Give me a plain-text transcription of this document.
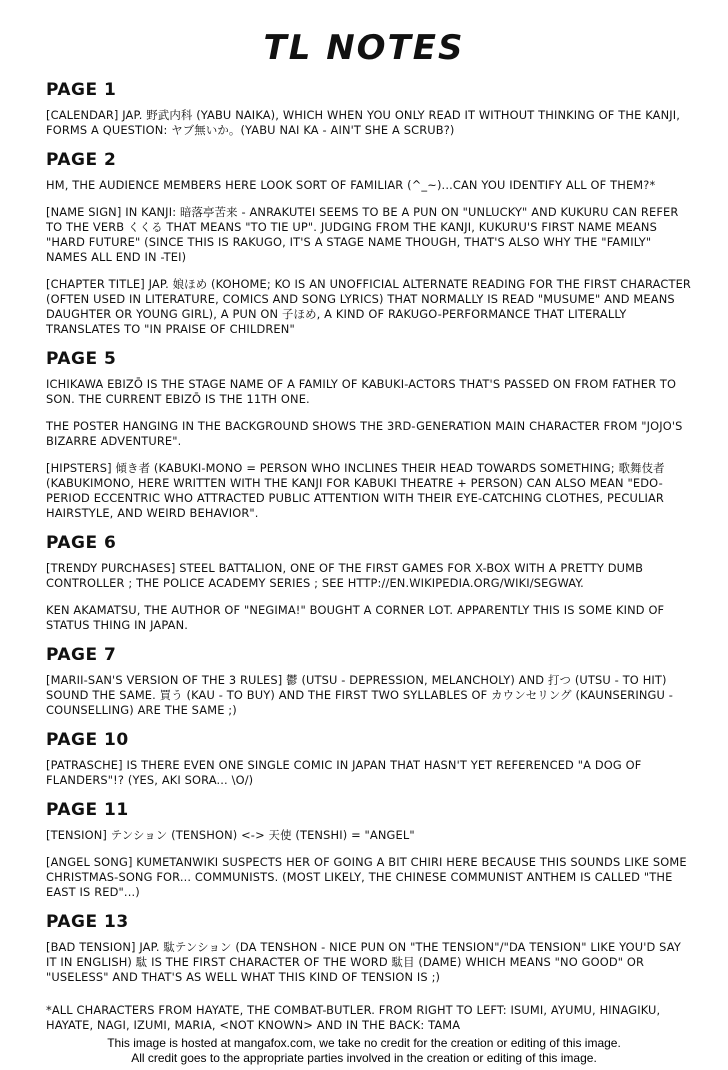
TL NOTES
PAGE 1
[CALENDAR] JAP. 野武内科 (YABU NAIKA), WHICH WHEN YOU ONLY READ IT WITHOUT THINKING OF THE KANJI, FORMS A QUESTION: ヤブ無いか。(YABU NAI KA - AIN'T SHE A SCRUB?)
PAGE 2
HM, THE AUDIENCE MEMBERS HERE LOOK SORT OF FAMILIAR (^_~)...CAN YOU IDENTIFY ALL OF THEM?*
[NAME SIGN] IN KANJI: 暗落亭苦来 - ANRAKUTEI SEEMS TO BE A PUN ON "UNLUCKY" AND KUKURU CAN REFER TO THE VERB くくる THAT MEANS "TO TIE UP". JUDGING FROM THE KANJI, KUKURU'S FIRST NAME MEANS "HARD FUTURE" (SINCE THIS IS RAKUGO, IT'S A STAGE NAME THOUGH, THAT'S ALSO WHY THE "FAMILY" NAMES ALL END IN -TEI)
[CHAPTER TITLE] JAP. 娘ほめ (KOHOME; KO IS AN UNOFFICIAL ALTERNATE READING FOR THE FIRST CHARACTER (OFTEN USED IN LITERATURE, COMICS AND SONG LYRICS) THAT NORMALLY IS READ "MUSUME" AND MEANS DAUGHTER OR YOUNG GIRL), A PUN ON 子ほめ, A KIND OF RAKUGO-PERFORMANCE THAT LITERALLY TRANSLATES TO "IN PRAISE OF CHILDREN"
PAGE 5
ICHIKAWA EBIZŌ IS THE STAGE NAME OF A FAMILY OF KABUKI-ACTORS THAT'S PASSED ON FROM FATHER TO SON. THE CURRENT EBIZŌ IS THE 11TH ONE.
THE POSTER HANGING IN THE BACKGROUND SHOWS THE 3RD-GENERATION MAIN CHARACTER FROM "JOJO'S BIZARRE ADVENTURE".
[HIPSTERS] 傾き者 (KABUKI-MONO = PERSON WHO INCLINES THEIR HEAD TOWARDS SOMETHING; 歌舞伎者 (KABUKIMONO, HERE WRITTEN WITH THE KANJI FOR KABUKI THEATRE + PERSON) CAN ALSO MEAN "EDO-PERIOD ECCENTRIC WHO ATTRACTED PUBLIC ATTENTION WITH THEIR EYE-CATCHING CLOTHES, PECULIAR HAIRSTYLE, AND WEIRD BEHAVIOR".
PAGE 6
[TRENDY PURCHASES] STEEL BATTALION, ONE OF THE FIRST GAMES FOR X-BOX WITH A PRETTY DUMB CONTROLLER ; THE POLICE ACADEMY SERIES ; SEE HTTP://EN.WIKIPEDIA.ORG/WIKI/SEGWAY.
KEN AKAMATSU, THE AUTHOR OF "NEGIMA!" BOUGHT A CORNER LOT. APPARENTLY THIS IS SOME KIND OF STATUS THING IN JAPAN.
PAGE 7
[MARII-SAN'S VERSION OF THE 3 RULES] 鬱 (UTSU - DEPRESSION, MELANCHOLY) AND 打つ (UTSU - TO HIT) SOUND THE SAME. 買う (KAU - TO BUY) AND THE FIRST TWO SYLLABLES OF カウンセリング (KAUNSERINGU - COUNSELLING) ARE THE SAME ;)
PAGE 10
[PATRASCHE] IS THERE EVEN ONE SINGLE COMIC IN JAPAN THAT HASN'T YET REFERENCED "A DOG OF FLANDERS"!? (YES, AKI SORA... \O/)
PAGE 11
[TENSION] テンション (TENSHON) <-> 天使 (TENSHI) = "ANGEL"
[ANGEL SONG] KUMETANWIKI SUSPECTS HER OF GOING A BIT CHIRI HERE BECAUSE THIS SOUNDS LIKE SOME CHRISTMAS-SONG FOR... COMMUNISTS. (MOST LIKELY, THE CHINESE COMMUNIST ANTHEM IS CALLED "THE EAST IS RED"...)
PAGE 13
[BAD TENSION] JAP. 駄テンション (DA TENSHON - NICE PUN ON "THE TENSION"/"DA TENSION" LIKE YOU'D SAY IT IN ENGLISH) 駄 IS THE FIRST CHARACTER OF THE WORD 駄目 (DAME) WHICH MEANS "NO GOOD" OR "USELESS" AND THAT'S AS WELL WHAT THIS KIND OF TENSION IS ;)
*ALL CHARACTERS FROM HAYATE, THE COMBAT-BUTLER. FROM RIGHT TO LEFT: ISUMI, AYUMU, HINAGIKU, HAYATE, NAGI, IZUMI, MARIA, <NOT KNOWN> AND IN THE BACK: TAMA
This image is hosted at mangafox.com, we take no credit for the creation or editing of this image.
All credit goes to the appropriate parties involved in the creation or editing of this image.
